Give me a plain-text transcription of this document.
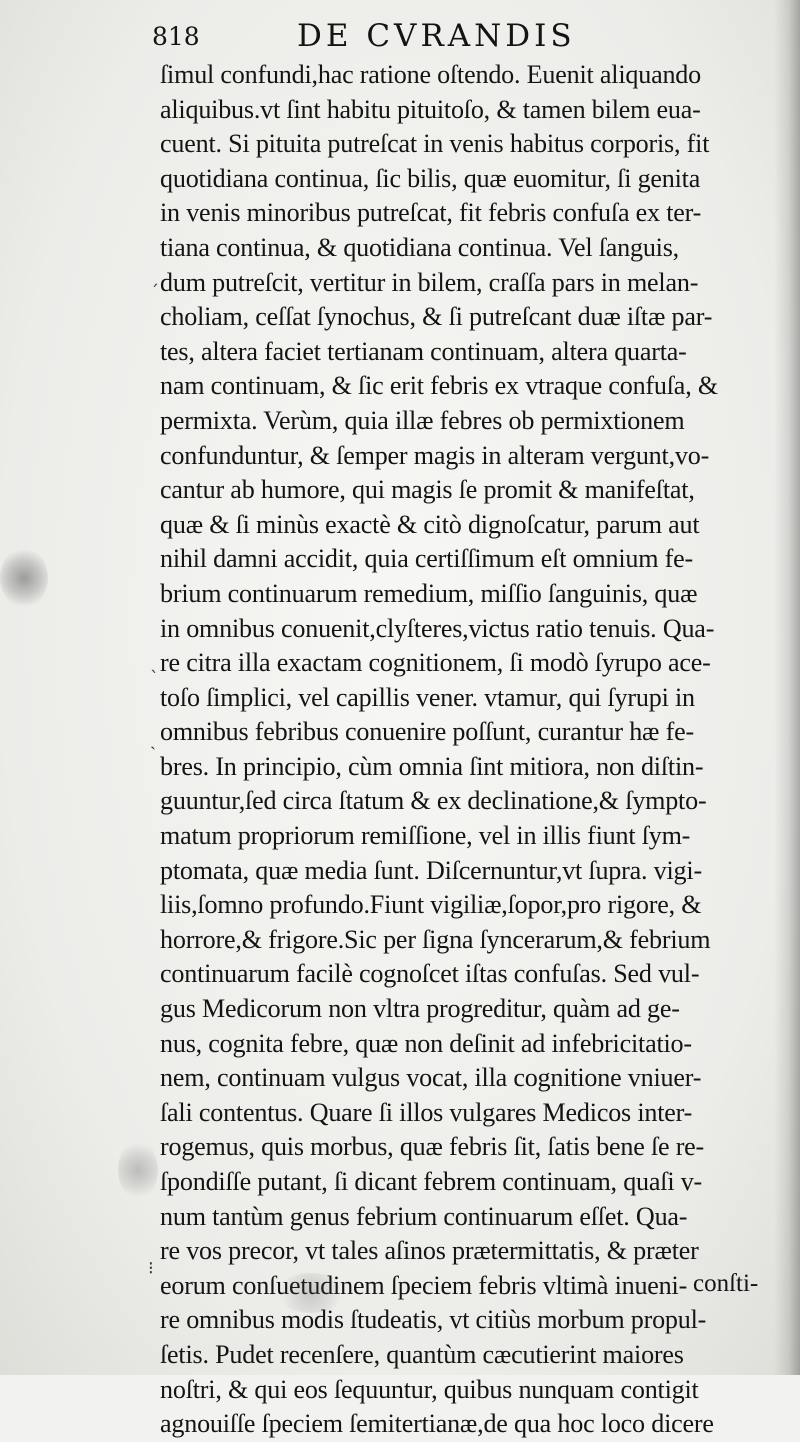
818	DE CVRANDIS
ſimul confundi,hac ratione oſtendo. Euenit aliquando
aliquibus.vt ſint habitu pituitoſo, & tamen bilem eua-
cuent. Si pituita putreſcat in venis habitus corporis, fit
quotidiana continua, ſic bilis, quæ euomitur, ſi genita
in venis minoribus putreſcat, fit febris confuſa ex ter-
tiana continua, & quotidiana continua. Vel ſanguis,
dum putreſcit, vertitur in bilem, craſſa pars in melan-
choliam, ceſſat ſynochus, & ſi putreſcant duæ iſtæ par-
tes, altera faciet tertianam continuam, altera quarta-
nam continuam, & ſic erit febris ex vtraque confuſa, &
permixta. Verùm, quia illæ febres ob permixtionem
confunduntur, & ſemper magis in alteram vergunt,vo-
cantur ab humore, qui magis ſe promit & manifeſtat,
quæ & ſi minùs exactè & citò dignoſcatur, parum aut
nihil damni accidit, quia certiſſimum eſt omnium fe-
brium continuarum remedium, miſſio ſanguinis, quæ
in omnibus conuenit,clyſteres,victus ratio tenuis. Qua-
re citra illa exactam cognitionem, ſi modò ſyrupo ace-
toſo ſimplici, vel capillis vener. vtamur, qui ſyrupi in
omnibus febribus conuenire poſſunt, curantur hæ fe-
bres. In principio, cùm omnia ſint mitiora, non diſtin-
guuntur,ſed circa ſtatum & ex declinatione,& ſympto-
matum propriorum remiſſione, vel in illis fiunt ſym-
ptomata, quæ media ſunt. Diſcernuntur,vt ſupra. vigi-
liis,ſomno profundo.Fiunt vigiliæ,ſopor,pro rigore, &
horrore,& frigore.Sic per ſigna ſyncerarum,& febrium
continuarum facilè cognoſcet iſtas confuſas. Sed vul-
gus Medicorum non vltra progreditur, quàm ad ge-
nus, cognita febre, quæ non deſinit ad infebricitatio-
nem, continuam vulgus vocat, illa cognitione vniuer-
ſali contentus. Quare ſi illos vulgares Medicos inter-
rogemus, quis morbus, quæ febris ſit, ſatis bene ſe re-
ſpondiſſe putant, ſi dicant febrem continuam, quaſi v-
num tantùm genus febrium continuarum eſſet. Qua-
re vos precor, vt tales aſinos prætermittatis, & præter
eorum conſuetudinem ſpeciem febris vltimà inueni-
re omnibus modis ſtudeatis, vt citiùs morbum propul-
ſetis. Pudet recenſere, quantùm cæcutierint maiores
noſtri, & qui eos ſequuntur, quibus nunquam contigit
agnouiſſe ſpeciem ſemitertianæ,de qua hoc loco dicere
conſti-
ˊ
ˋ
˴
⁝
